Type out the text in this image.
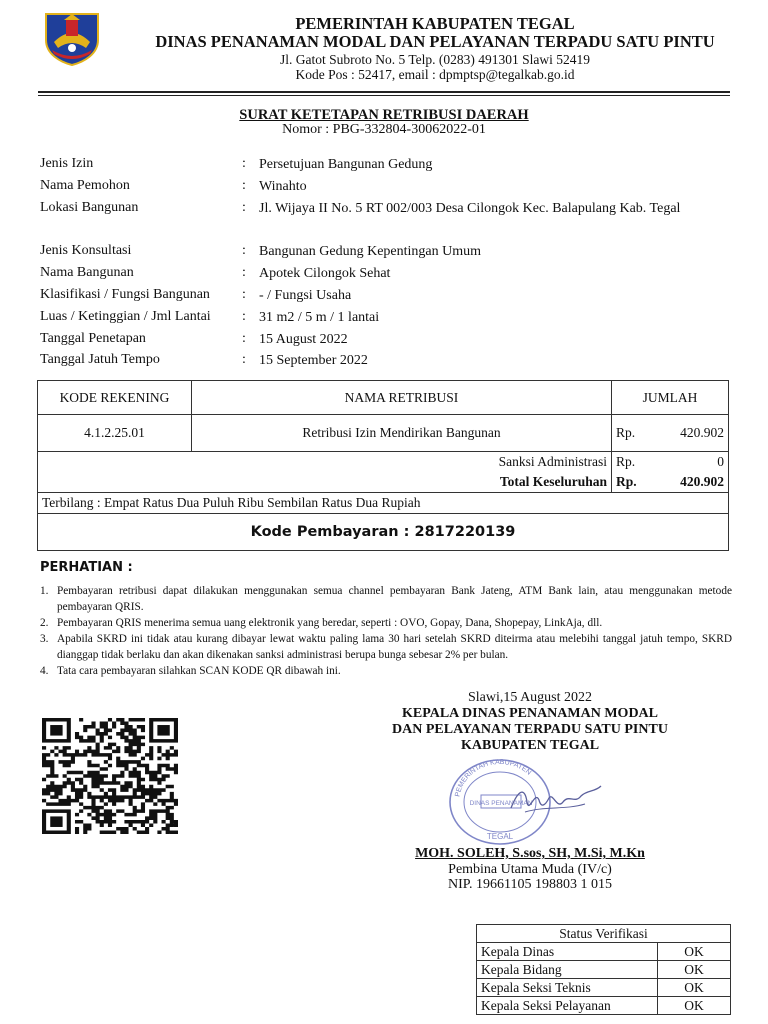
PEMERINTAH KABUPATEN TEGAL
DINAS PENANAMAN MODAL DAN PELAYANAN TERPADU SATU PINTU
Jl. Gatot Subroto No. 5 Telp. (0283) 491301 Slawi 52419
Kode Pos : 52417, email : dpmptsp@tegalkab.go.id
SURAT KETETAPAN RETRIBUSI DAERAH
Nomor : PBG-332804-30062022-01
Jenis Izin	: Persetujuan Bangunan Gedung
Nama Pemohon	: Winahto
Lokasi Bangunan	: Jl. Wijaya II No. 5 RT 002/003 Desa Cilongok Kec. Balapulang Kab. Tegal
Jenis Konsultasi	: Bangunan Gedung Kepentingan Umum
Nama Bangunan	: Apotek Cilongok Sehat
Klasifikasi / Fungsi Bangunan : - / Fungsi Usaha
Luas / Ketinggian / Jml Lantai : 31 m2 / 5 m / 1 lantai
Tanggal Penetapan	: 15 August 2022
Tanggal Jatuh Tempo	: 15 September 2022
KODE REKENING	NAMA RETRIBUSI	JUMLAH
4.1.2.25.01	Retribusi Izin Mendirikan Bangunan	Rp. 420.902

Sanksi Administrasi		Rp. 0

Total Keseluruhan		Rp. 420.902

Terbilang : Empat Ratus Dua Puluh Ribu Sembilan Ratus Dua Rupiah		
Kode Pembayaran : 2817220139		
PERHATIAN :
1. Pembayaran retribusi dapat dilakukan menggunakan semua channel pembayaran Bank Jateng, ATM Bank lain, atau menggunakan metode pembayaran QRIS.
2. Pembayaran QRIS menerima semua uang elektronik yang beredar, seperti : OVO, Gopay, Dana, Shopepay, LinkAja, dll.
3. Apabila SKRD ini tidak atau kurang dibayar lewat waktu paling lama 30 hari setelah SKRD diteirma atau melebihi tanggal jatuh tempo, SKRD dianggap tidak berlaku dan akan dikenakan sanksi administrasi berupa bunga sebesar 2% per bulan.
4. Tata cara pembayaran silahkan SCAN KODE QR dibawah ini.
Slawi,15 August 2022
KEPALA DINAS PENANAMAN MODAL
DAN PELAYANAN TERPADU SATU PINTU
KABUPATEN TEGAL
PEMERINTAH KABUPATEN
DINAS PENANAMAN
TEGAL
MOH. SOLEH, S.sos, SH, M.Si, M.Kn
Pembina Utama Muda (IV/c)
NIP. 19661105 198803 1 015
Status Verifikasi	
Kepala Dinas	OK
Kepala Bidang	OK
Kepala Seksi Teknis	OK
Kepala Seksi Pelayanan	OK
